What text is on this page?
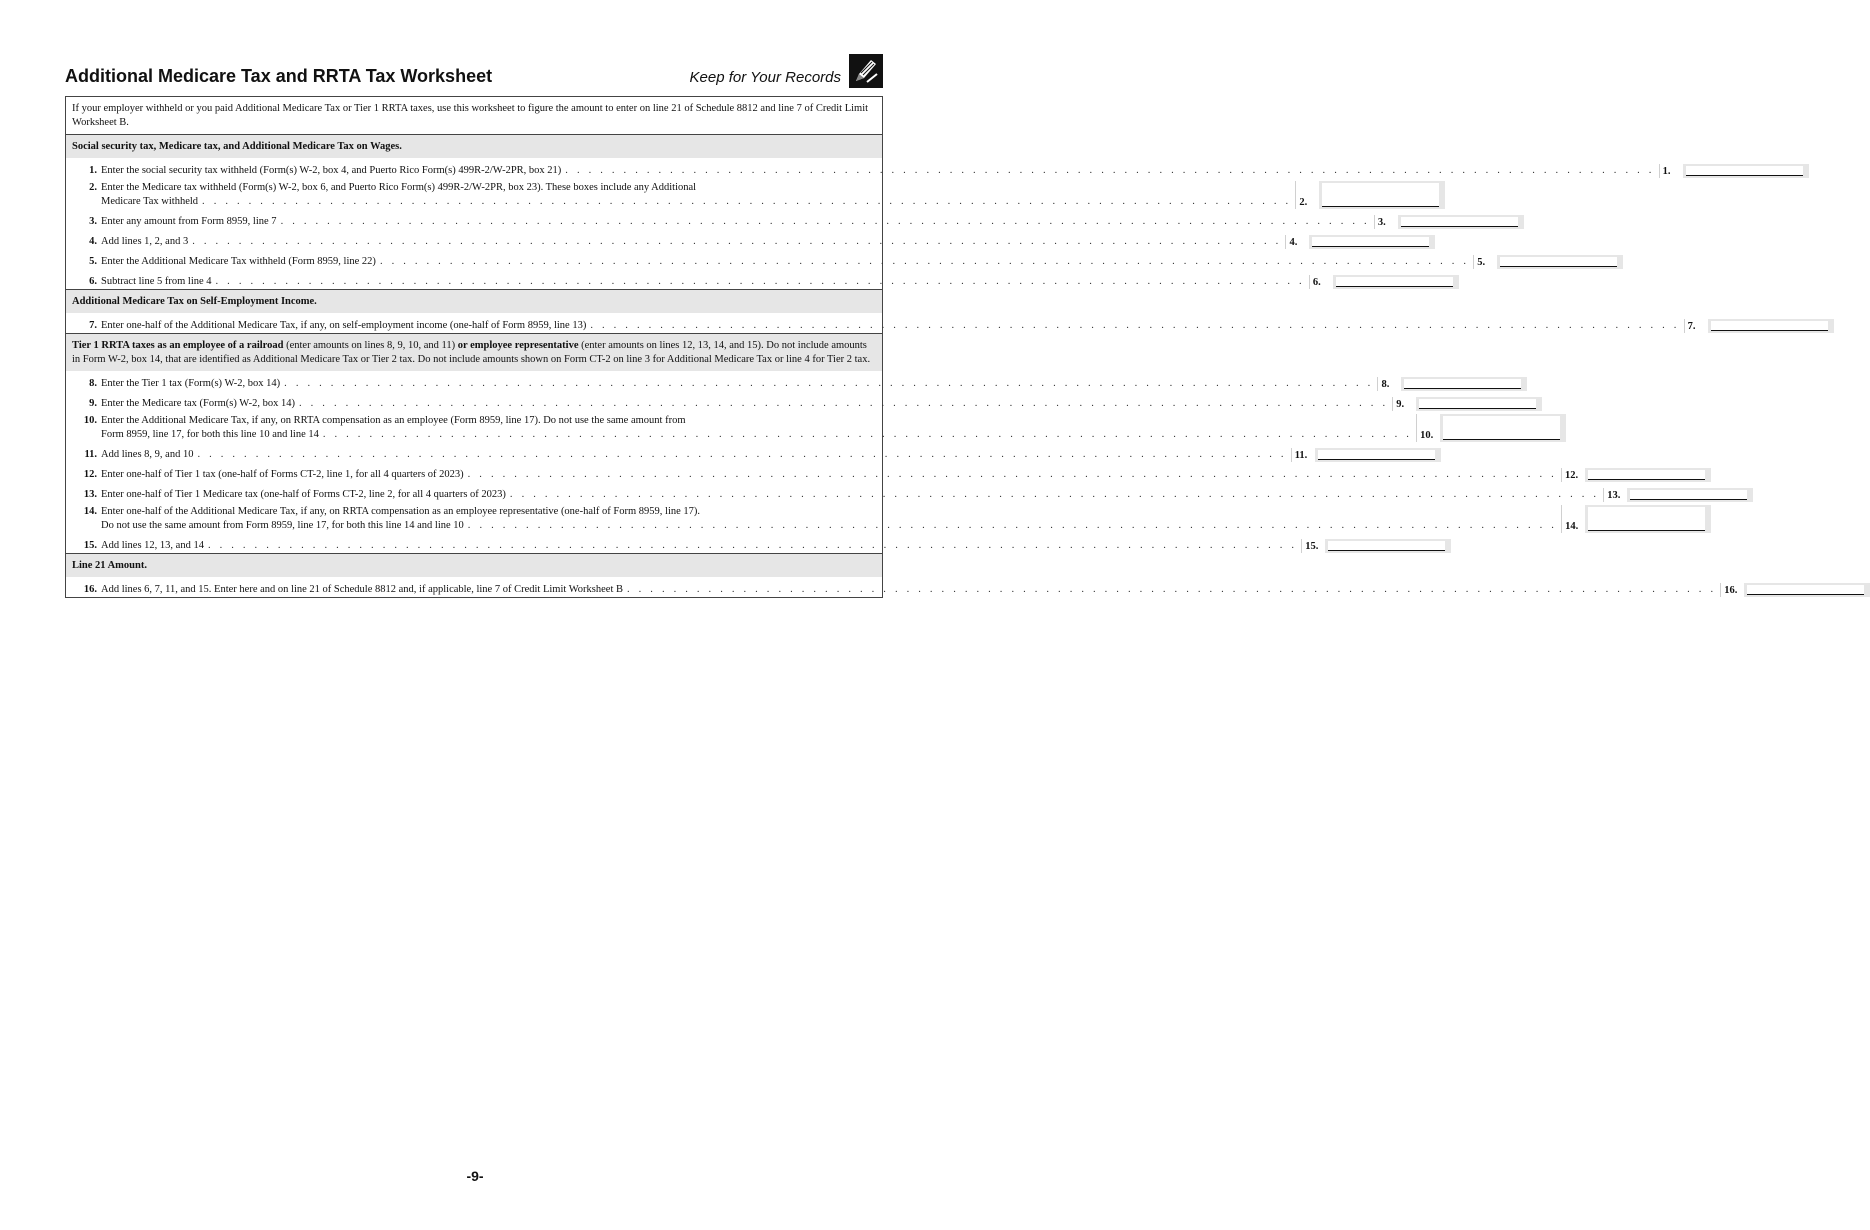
Additional Medicare Tax and RRTA Tax Worksheet	Keep for Your Records
If your employer withheld or you paid Additional Medicare Tax or Tier 1 RRTA taxes, use this worksheet to figure the amount to enter on line 21 of Schedule 8812 and line 7 of Credit Limit Worksheet B.
Social security tax, Medicare tax, and Additional Medicare Tax on Wages.
1. Enter the social security tax withheld (Form(s) W-2, box 4, and Puerto Rico Form(s) 499R-2/W-2PR, box 21) . . . . . . . . . . . . . . . . . . . . . . . . . . . . . . . . . . . . . . . . . . . . . . . . . . . . . . . . . . . . . . . . . . . . . . . . . . . . . . . . . . . . . . . . . . . . . . 1.
2. Enter the Medicare tax withheld (Form(s) W-2, box 6, and Puerto Rico Form(s) 499R-2/W-2PR, box 23). These boxes include any Additional
Medicare Tax withheld . . . . . . . . . . . . . . . . . . . . . . . . . . . . . . . . . . . . . . . . . . . . . . . . . . . . . . . . . . . . . . . . . . . . . . . . . . . . . . . . . . . . . . . . . . . . . . 2.
3. Enter any amount from Form 8959, line 7 . . . . . . . . . . . . . . . . . . . . . . . . . . . . . . . . . . . . . . . . . . . . . . . . . . . . . . . . . . . . . . . . . . . . . . . . . . . . . . . . . . . . . . . . . . . . . . 3.
4. Add lines 1, 2, and 3 . . . . . . . . . . . . . . . . . . . . . . . . . . . . . . . . . . . . . . . . . . . . . . . . . . . . . . . . . . . . . . . . . . . . . . . . . . . . . . . . . . . . . . . . . . . . . . 4.
5. Enter the Additional Medicare Tax withheld (Form 8959, line 22) . . . . . . . . . . . . . . . . . . . . . . . . . . . . . . . . . . . . . . . . . . . . . . . . . . . . . . . . . . . . . . . . . . . . . . . . . . . . . . . . . . . . . . . . . . . . . . 5.
6. Subtract line 5 from line 4 . . . . . . . . . . . . . . . . . . . . . . . . . . . . . . . . . . . . . . . . . . . . . . . . . . . . . . . . . . . . . . . . . . . . . . . . . . . . . . . . . . . . . . . . . . . . . . 6.
Additional Medicare Tax on Self-Employment Income.
7. Enter one-half of the Additional Medicare Tax, if any, on self-employment income (one-half of Form 8959, line 13) . . . . . . . . . . . . . . . . . . . . . . . . . . . . . . . . . . . . . . . . . . . . . . . . . . . . . . . . . . . . . . . . . . . . . . . . . . . . . . . . . . . . . . . . . . . . . . 7.
Tier 1 RRTA taxes as an employee of a railroad (enter amounts on lines 8, 9, 10, and 11) or employee representative (enter amounts on lines 12, 13, 14, and 15). Do not include amounts in Form W-2, box 14, that are identified as Additional Medicare Tax or Tier 2 tax. Do not include amounts shown on Form CT-2 on line 3 for Additional Medicare Tax or line 4 for Tier 2 tax.
8. Enter the Tier 1 tax (Form(s) W-2, box 14) . . . . . . . . . . . . . . . . . . . . . . . . . . . . . . . . . . . . . . . . . . . . . . . . . . . . . . . . . . . . . . . . . . . . . . . . . . . . . . . . . . . . . . . . . . . . . . 8.
9. Enter the Medicare tax (Form(s) W-2, box 14) . . . . . . . . . . . . . . . . . . . . . . . . . . . . . . . . . . . . . . . . . . . . . . . . . . . . . . . . . . . . . . . . . . . . . . . . . . . . . . . . . . . . . . . . . . . . . . 9.
10. Enter the Additional Medicare Tax, if any, on RRTA compensation as an employee (Form 8959, line 17). Do not use the same amount from
Form 8959, line 17, for both this line 10 and line 14 . . . . . . . . . . . . . . . . . . . . . . . . . . . . . . . . . . . . . . . . . . . . . . . . . . . . . . . . . . . . . . . . . . . . . . . . . . . . . . . . . . . . . . . . . . . . . . 10.
11. Add lines 8, 9, and 10 . . . . . . . . . . . . . . . . . . . . . . . . . . . . . . . . . . . . . . . . . . . . . . . . . . . . . . . . . . . . . . . . . . . . . . . . . . . . . . . . . . . . . . . . . . . . . . 11.
12. Enter one-half of Tier 1 tax (one-half of Forms CT-2, line 1, for all 4 quarters of 2023) . . . . . . . . . . . . . . . . . . . . . . . . . . . . . . . . . . . . . . . . . . . . . . . . . . . . . . . . . . . . . . . . . . . . . . . . . . . . . . . . . . . . . . . . . . . . . . 12.
13. Enter one-half of Tier 1 Medicare tax (one-half of Forms CT-2, line 2, for all 4 quarters of 2023) . . . . . . . . . . . . . . . . . . . . . . . . . . . . . . . . . . . . . . . . . . . . . . . . . . . . . . . . . . . . . . . . . . . . . . . . . . . . . . . . . . . . . . . . . . . . . . 13.
14. Enter one-half of the Additional Medicare Tax, if any, on RRTA compensation as an employee representative (one-half of Form 8959, line 17).
Do not use the same amount from Form 8959, line 17, for both this line 14 and line 10 . . . . . . . . . . . . . . . . . . . . . . . . . . . . . . . . . . . . . . . . . . . . . . . . . . . . . . . . . . . . . . . . . . . . . . . . . . . . . . . . . . . . . . . . . . . . . . 14.
15. Add lines 12, 13, and 14 . . . . . . . . . . . . . . . . . . . . . . . . . . . . . . . . . . . . . . . . . . . . . . . . . . . . . . . . . . . . . . . . . . . . . . . . . . . . . . . . . . . . . . . . . . . . . . 15.
Line 21 Amount.
16. Add lines 6, 7, 11, and 15. Enter here and on line 21 of Schedule 8812 and, if applicable, line 7 of Credit Limit Worksheet B . . . . . . . . . . . . . . . . . . . . . . . . . . . . . . . . . . . . . . . . . . . . . . . . . . . . . . . . . . . . . . . . . . . . . . . . . . . . . . . . . . . . . . . . . . . . . . 16.
-9-
